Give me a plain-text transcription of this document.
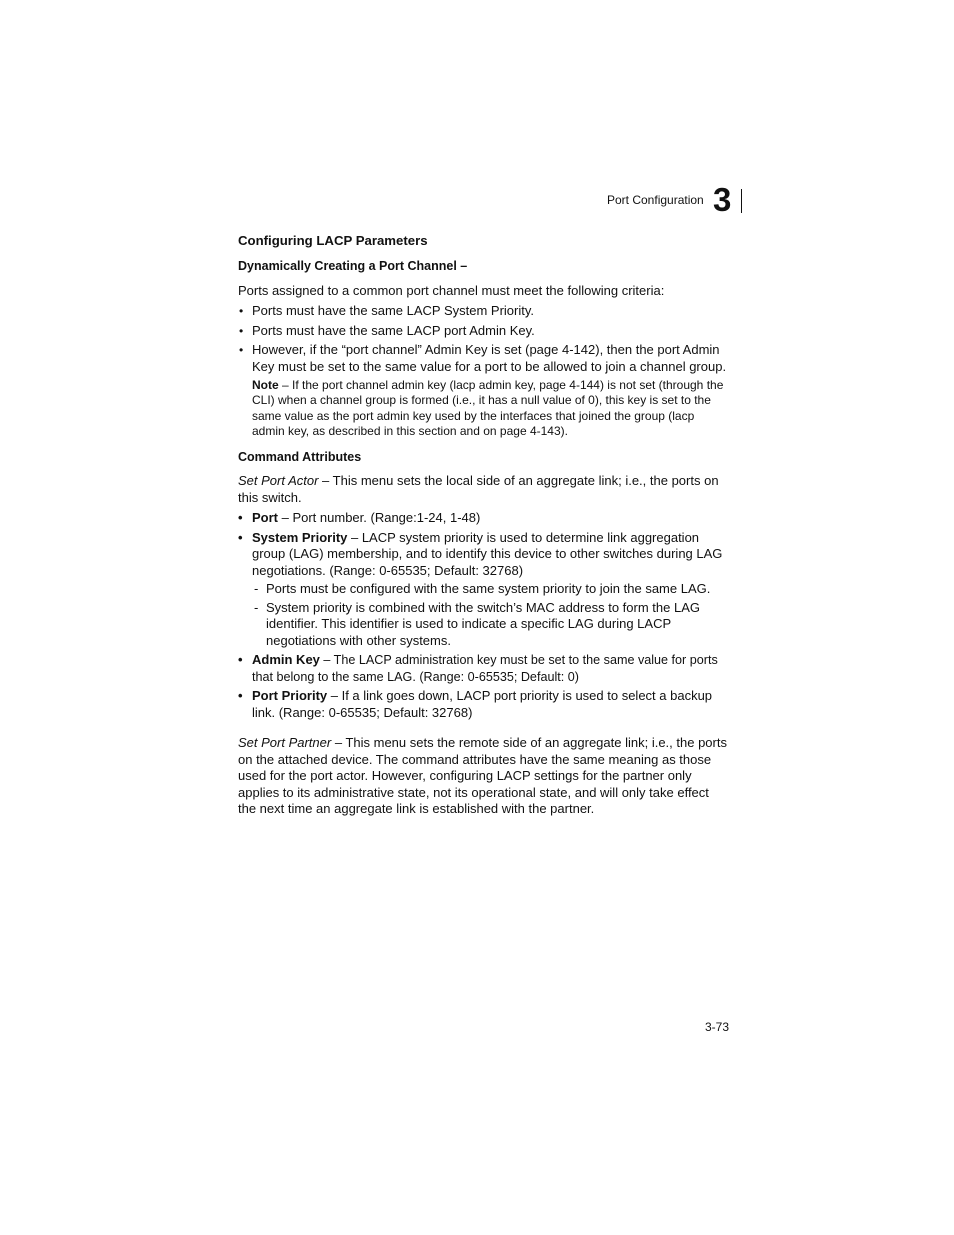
Port Configuration 3
Configuring LACP Parameters
Dynamically Creating a Port Channel –

Ports assigned to a common port channel must meet the following criteria:

• Ports must have the same LACP System Priority.
• Ports must have the same LACP port Admin Key.
• However, if the “port channel” Admin Key is set (page 4-142), then the port Admin Key must be set to the same value for a port to be allowed to join a channel group.
Note – If the port channel admin key (lacp admin key, page 4-144) is not set (through the CLI) when a channel group is formed (i.e., it has a null value of 0), this key is set to the same value as the port admin key used by the interfaces that joined the group (lacp admin key, as described in this section and on page 4-143).
Command Attributes

Set Port Actor – This menu sets the local side of an aggregate link; i.e., the ports on this switch.

• Port – Port number. (Range:1-24, 1-48)
• System Priority – LACP system priority is used to determine link aggregation group (LAG) membership, and to identify this device to other switches during LAG negotiations. (Range: 0-65535; Default: 32768)
- Ports must be configured with the same system priority to join the same LAG.
- System priority is combined with the switch’s MAC address to form the LAG identifier. This identifier is used to indicate a specific LAG during LACP negotiations with other systems.
• Admin Key – The LACP administration key must be set to the same value for ports that belong to the same LAG. (Range: 0-65535; Default: 0)
• Port Priority – If a link goes down, LACP port priority is used to select a backup link. (Range: 0-65535; Default: 32768)

Set Port Partner – This menu sets the remote side of an aggregate link; i.e., the ports on the attached device. The command attributes have the same meaning as those used for the port actor. However, configuring LACP settings for the partner only applies to its administrative state, not its operational state, and will only take effect the next time an aggregate link is established with the partner.

3-73
